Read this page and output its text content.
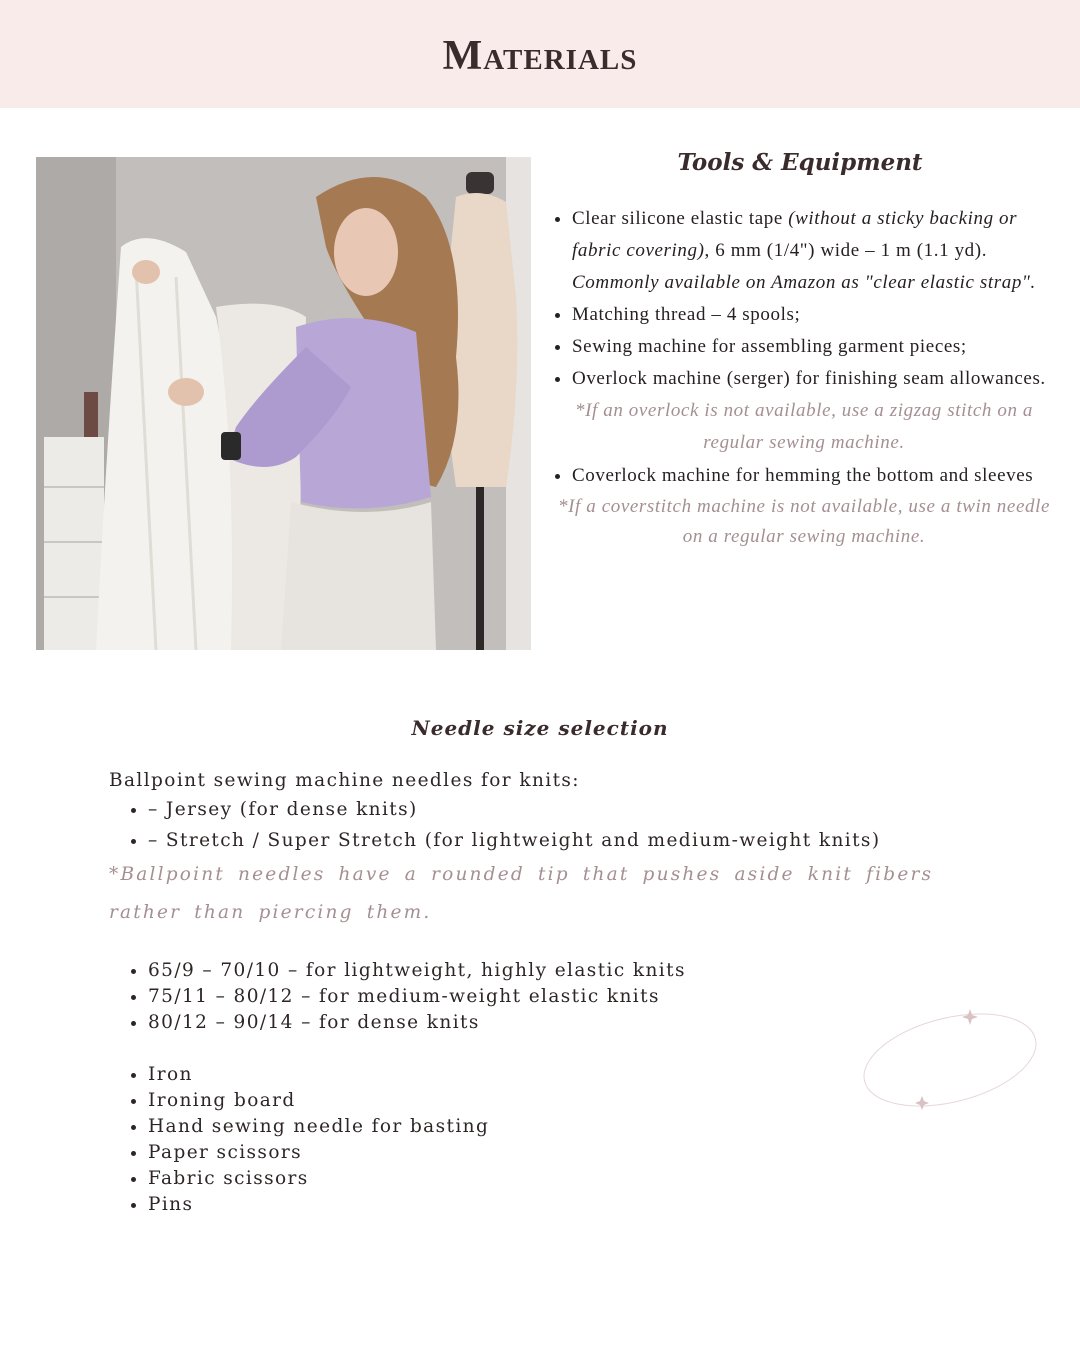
Materials
Tools & Equipment
• Clear silicone elastic tape (without a sticky backing or fabric covering), 6 mm (1/4") wide – 1 m (1.1 yd). Commonly available on Amazon as "clear elastic strap".
• Matching thread – 4 spools;
• Sewing machine for assembling garment pieces;
• Overlock machine (serger) for finishing seam allowances.
*If an overlock is not available, use a zigzag stitch on a regular sewing machine.
• Coverlock machine for hemming the bottom and sleeves
*If a coverstitch machine is not available, use a twin needle on a regular sewing machine.
Needle size selection

Ballpoint sewing machine needles for knits:

• – Jersey (for dense knits)
• – Stretch / Super Stretch (for lightweight and medium-weight knits)

*Ballpoint needles have a rounded tip that pushes aside knit fibers rather than piercing them.

• 65/9 – 70/10 – for lightweight, highly elastic knits
• 75/11 – 80/12 – for medium-weight elastic knits
• 80/12 – 90/14 – for dense knits
• Iron
• Ironing board
• Hand sewing needle for basting
• Paper scissors
• Fabric scissors
• Pins
